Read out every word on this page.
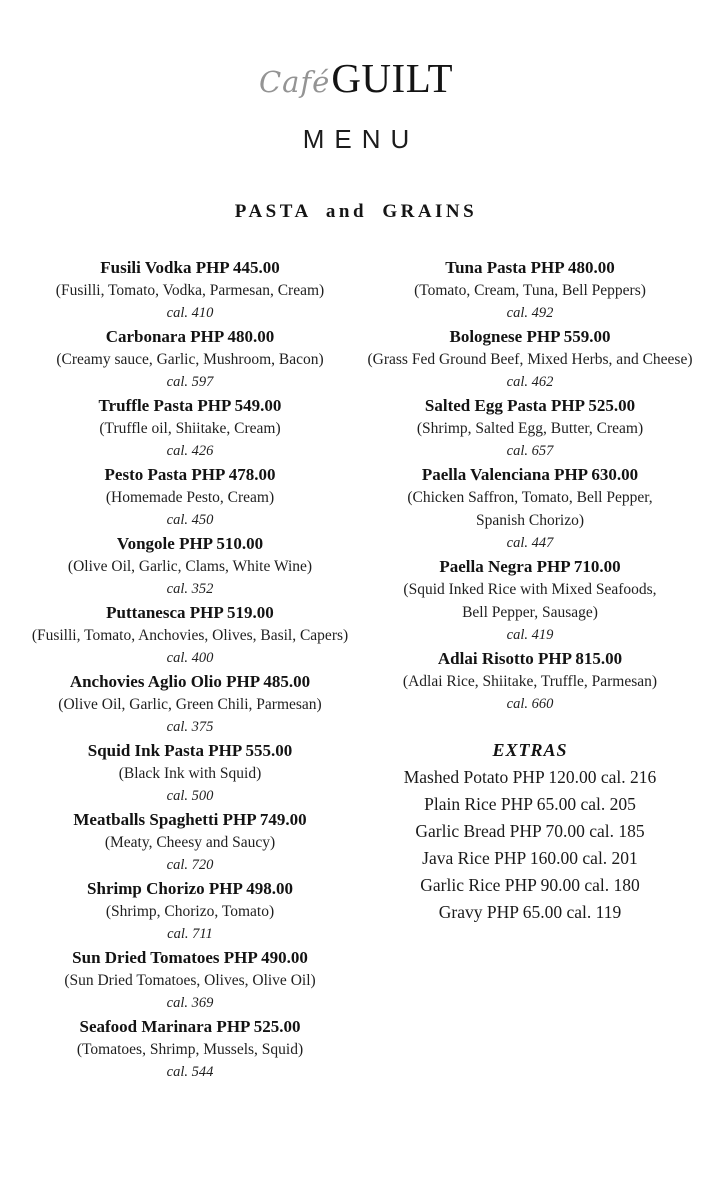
CaféGUILT
MENU
PASTA and GRAINS
Fusili Vodka PHP 445.00
(Fusilli, Tomato, Vodka, Parmesan, Cream)
cal. 410
Carbonara PHP 480.00
(Creamy sauce, Garlic, Mushroom, Bacon)
cal. 597
Truffle Pasta PHP 549.00
(Truffle oil, Shiitake, Cream)
cal. 426
Pesto Pasta PHP 478.00
(Homemade Pesto, Cream)
cal. 450
Vongole PHP 510.00
(Olive Oil, Garlic, Clams, White Wine)
cal. 352
Puttanesca PHP 519.00
(Fusilli, Tomato, Anchovies, Olives, Basil, Capers)
cal. 400
Anchovies Aglio Olio PHP 485.00
(Olive Oil, Garlic, Green Chili, Parmesan)
cal. 375
Squid Ink Pasta PHP 555.00
(Black Ink with Squid)
cal. 500
Meatballs Spaghetti PHP 749.00
(Meaty, Cheesy and Saucy)
cal. 720
Shrimp Chorizo PHP 498.00
(Shrimp, Chorizo, Tomato)
cal. 711
Sun Dried Tomatoes PHP 490.00
(Sun Dried Tomatoes, Olives, Olive Oil)
cal. 369
Seafood Marinara PHP 525.00
(Tomatoes, Shrimp, Mussels, Squid)
cal. 544
Tuna Pasta PHP 480.00
(Tomato, Cream, Tuna, Bell Peppers)
cal. 492
Bolognese PHP 559.00
(Grass Fed Ground Beef, Mixed Herbs, and Cheese)
cal. 462
Salted Egg Pasta PHP 525.00
(Shrimp, Salted Egg, Butter, Cream)
cal. 657
Paella Valenciana PHP 630.00
(Chicken Saffron, Tomato, Bell Pepper,
Spanish Chorizo)
cal. 447
Paella Negra PHP 710.00
(Squid Inked Rice with Mixed Seafoods,
Bell Pepper, Sausage)
cal. 419
Adlai Risotto PHP 815.00
(Adlai Rice, Shiitake, Truffle, Parmesan)
cal. 660
EXTRAS
Mashed Potato PHP 120.00 cal. 216
Plain Rice PHP 65.00 cal. 205
Garlic Bread PHP 70.00 cal. 185
Java Rice PHP 160.00 cal. 201
Garlic Rice PHP 90.00 cal. 180
Gravy PHP 65.00 cal. 119
